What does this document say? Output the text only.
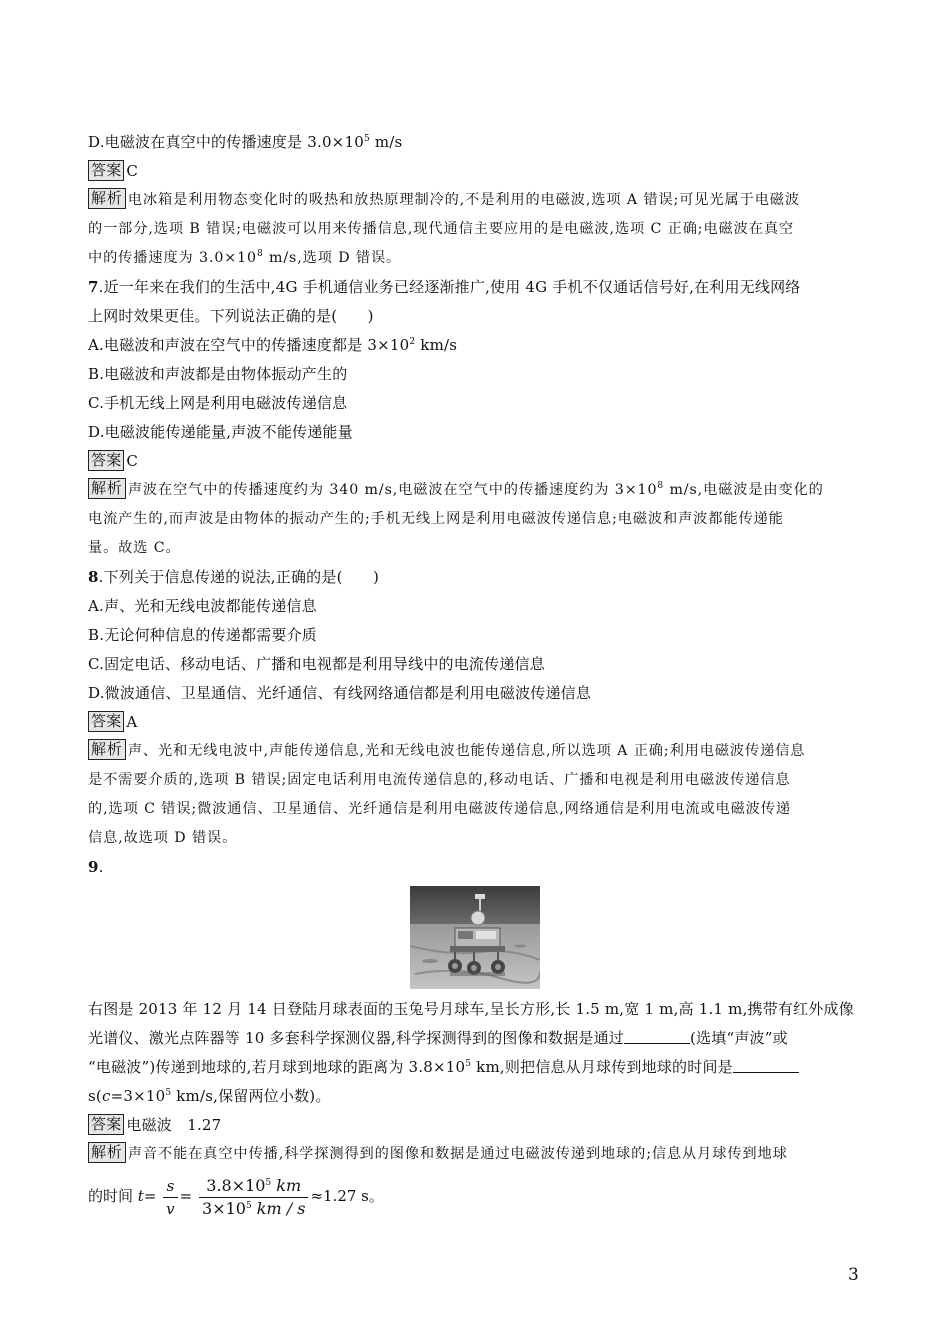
D.电磁波在真空中的传播速度是 $3.0\times 10^5$ m/s
答案 C
解析 电冰箱是利用物态变化时的吸热和放热原理制冷的,不是利用的电磁波,选项 A 错误;可见光属于电磁波
的一部分,选项 B 错误;电磁波可以用来传播信息,现代通信主要应用的是电磁波,选项 C 正确;电磁波在真空
中的传播速度为 $3.0\times 10^8$ m/s,选项 D 错误。
7.近一年来在我们的生活中,4G 手机通信业务已经逐渐推广,使用 4G 手机不仅通话信号好,在利用无线网络
上网时效果更佳。下列说法正确的是(　　)
A.电磁波和声波在空气中的传播速度都是 $3\times 10^2$ km/s
B.电磁波和声波都是由物体振动产生的
C.手机无线上网是利用电磁波传递信息
D.电磁波能传递能量,声波不能传递能量
答案 C
解析 声波在空气中的传播速度约为 340 m/s,电磁波在空气中的传播速度约为 $3\times 10^8$ m/s,电磁波是由变化的
电流产生的,而声波是由物体的振动产生的;手机无线上网是利用电磁波传递信息;电磁波和声波都能传递能
量。故选 C。
8.下列关于信息传递的说法,正确的是(　　)
A.声、光和无线电波都能传递信息
B.无论何种信息的传递都需要介质
C.固定电话、移动电话、广播和电视都是利用导线中的电流传递信息
D.微波通信、卫星通信、光纤通信、有线网络通信都是利用电磁波传递信息
答案 A
解析 声、光和无线电波中,声能传递信息,光和无线电波也能传递信息,所以选项 A 正确;利用电磁波传递信息
是不需要介质的,选项 B 错误;固定电话利用电流传递信息的,移动电话、广播和电视是利用电磁波传递信息
的,选项 C 错误;微波通信、卫星通信、光纤通信是利用电磁波传递信息,网络通信是利用电流或电磁波传递
信息,故选项 D 错误。
9.
右图是 2013 年 12 月 14 日登陆月球表面的玉兔号月球车,呈长方形,长 1.5 m,宽 1 m,高 1.1 m,携带有红外成像
光谱仪、激光点阵器等 10 多套科学探测仪器,科学探测得到的图像和数据是通过	(选填“声波”或
“电磁波”)传递到地球的,若月球到地球的距离为 $3.8\times 10^5$ km,则把信息从月球传到地球的时间是
$s(c=3\times 10^5$ km/s,保留两位小数)。
答案 电磁波　1.27
解析 声音不能在真空中传播,科学探测得到的图像和数据是通过电磁波传递到地球的;信息从月球传到地球
的时间 $t= \frac{s}{v} = \frac{3.8\times 10^5 km}{3\times 10^5 km / s} \approx 1.27$ s。
3
